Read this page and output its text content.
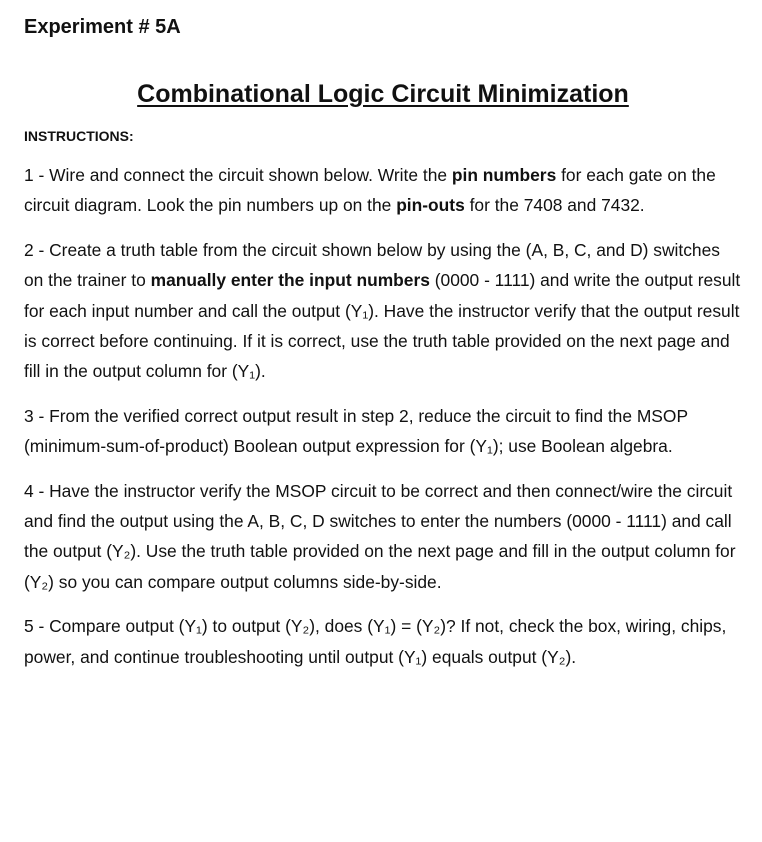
Experiment # 5A
Combinational Logic Circuit Minimization
INSTRUCTIONS:

1 - Wire and connect the circuit shown below. Write the pin numbers for each gate on the circuit diagram. Look the pin numbers up on the pin-outs for the 7408 and 7432.

2 - Create a truth table from the circuit shown below by using the (A, B, C, and D) switches on the trainer to manually enter the input numbers (0000 - 1111) and write the output result for each input number and call the output (Y₁). Have the instructor verify that the output result is correct before continuing. If it is correct, use the truth table provided on the next page and fill in the output column for (Y₁).

3 - From the verified correct output result in step 2, reduce the circuit to find the MSOP (minimum-sum-of-product) Boolean output expression for (Y₁); use Boolean algebra.

4 - Have the instructor verify the MSOP circuit to be correct and then connect/wire the circuit and find the output using the A, B, C, D switches to enter the numbers (0000 - 1111) and call the output (Y₂). Use the truth table provided on the next page and fill in the output column for (Y₂) so you can compare output columns side-by-side.

5 - Compare output (Y₁) to output (Y₂), does (Y₁) = (Y₂)? If not, check the box, wiring, chips, power, and continue troubleshooting until output (Y₁) equals output (Y₂).
